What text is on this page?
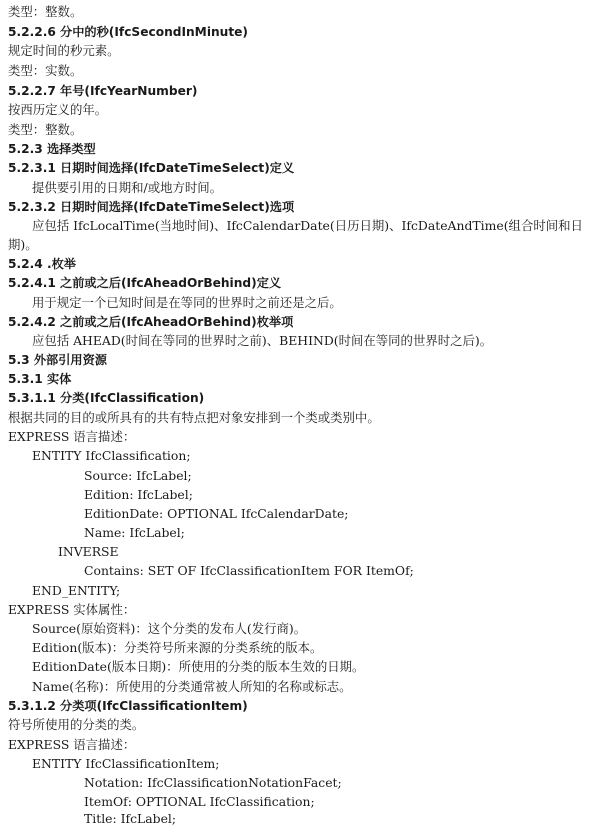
类型：整数。
5.2.2.6 分中的秒(IfcSecondInMinute)
规定时间的秒元素。
类型：实数。
5.2.2.7 年号(IfcYearNumber)
按西历定义的年。
类型：整数。
5.2.3 选择类型
5.2.3.1 日期时间选择(IfcDateTimeSelect)定义
提供要引用的日期和/或地方时间。
5.2.3.2 日期时间选择(IfcDateTimeSelect)选项
应包括 IfcLocalTime(当地时间)、IfcCalendarDate(日历日期)、IfcDateAndTime(组合时间和日
期)。
5.2.4 .枚举
5.2.4.1 之前或之后(IfcAheadOrBehind)定义
用于规定一个已知时间是在等同的世界时之前还是之后。
5.2.4.2 之前或之后(IfcAheadOrBehind)枚举项
应包括 AHEAD(时间在等同的世界时之前)、BEHIND(时间在等同的世界时之后)。
5.3 外部引用资源
5.3.1 实体
5.3.1.1 分类(IfcClassification)
根据共同的目的或所具有的共有特点把对象安排到一个类或类别中。
EXPRESS 语言描述：
ENTITY IfcClassification;
Source: IfcLabel;
Edition: IfcLabel;
EditionDate: OPTIONAL IfcCalendarDate;
Name: IfcLabel;
INVERSE
Contains: SET OF IfcClassificationItem FOR ItemOf;
END_ENTITY;
EXPRESS 实体属性：
Source(原始资料)：这个分类的发布人(发行商)。
Edition(版本)：分类符号所来源的分类系统的版本。
EditionDate(版本日期)：所使用的分类的版本生效的日期。
Name(名称)：所使用的分类通常被人所知的名称或标志。
5.3.1.2 分类项(IfcClassificationItem)
符号所使用的分类的类。
EXPRESS 语言描述：
ENTITY IfcClassificationItem;
Notation: IfcClassificationNotationFacet;
ItemOf: OPTIONAL IfcClassification;
Title: IfcLabel;
